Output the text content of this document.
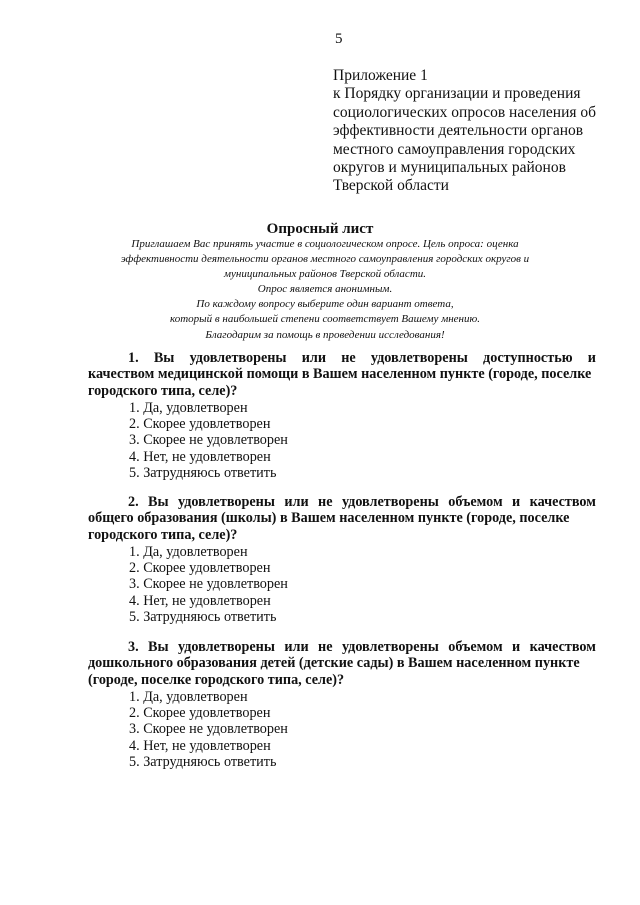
5
Приложение 1
к Порядку организации и проведения
социологических опросов населения об
эффективности деятельности органов
местного самоуправления городских
округов и муниципальных районов
Тверской области
Опросный лист
Приглашаем Вас принять участие в социологическом опросе. Цель опроса: оценка
эффективности деятельности органов местного самоуправления городских округов и
муниципальных районов Тверской области.
Опрос является анонимным.
По каждому вопросу выберите один вариант ответа,
который в наибольшей степени соответствует Вашему мнению.
Благодарим за помощь в проведении исследования!
1. Вы удовлетворены или не удовлетворены доступностью и
качеством медицинской помощи в Вашем населенном пункте (городе, поселке
городского типа, селе)?
1. Да, удовлетворен
2. Скорее удовлетворен
3. Скорее не удовлетворен
4. Нет, не удовлетворен
5. Затрудняюсь ответить
2. Вы удовлетворены или не удовлетворены объемом и качеством
общего образования (школы) в Вашем населенном пункте (городе, поселке
городского типа, селе)?
1. Да, удовлетворен
2. Скорее удовлетворен
3. Скорее не удовлетворен
4. Нет, не удовлетворен
5. Затрудняюсь ответить
3. Вы удовлетворены или не удовлетворены объемом и качеством
дошкольного образования детей (детские сады) в Вашем населенном пункте
(городе, поселке городского типа, селе)?
1. Да, удовлетворен
2. Скорее удовлетворен
3. Скорее не удовлетворен
4. Нет, не удовлетворен
5. Затрудняюсь ответить
